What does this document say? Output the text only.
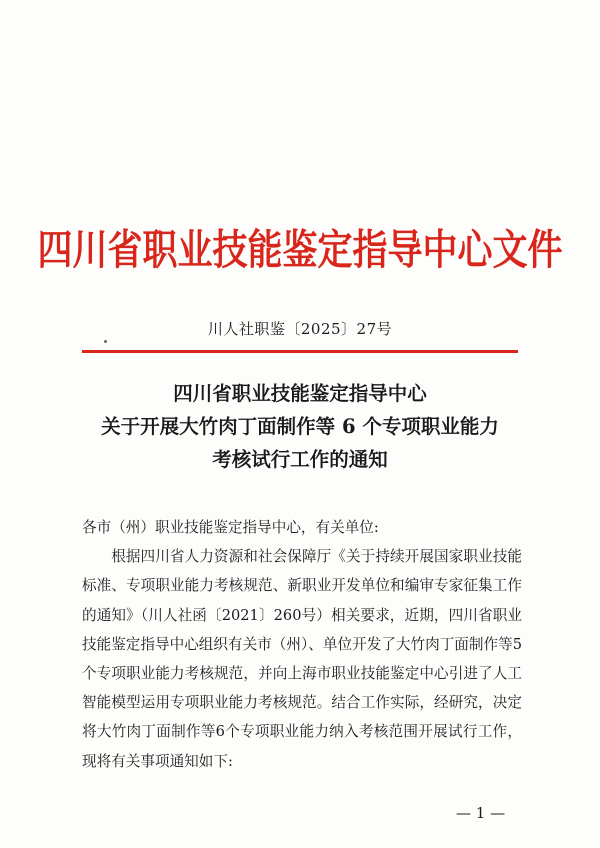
四川省职业技能鉴定指导中心文件
川人社职鉴〔2025〕27号
四川省职业技能鉴定指导中心
关于开展大竹肉丁面制作等 6 个专项职业能力
考核试行工作的通知
各市（州）职业技能鉴定指导中心，有关单位:
根据四川省人力资源和社会保障厅《关于持续开展国家职业技能标准、专项职业能力考核规范、新职业开发单位和编审专家征集工作的通知》（川人社函〔2021〕260号）相关要求，近期，四川省职业技能鉴定指导中心组织有关市（州）、单位开发了大竹肉丁面制作等5个专项职业能力考核规范，并向上海市职业技能鉴定中心引进了人工智能模型运用专项职业能力考核规范。结合工作实际，经研究，决定将大竹肉丁面制作等6个专项职业能力纳入考核范围开展试行工作，现将有关事项通知如下:
— 1 —
